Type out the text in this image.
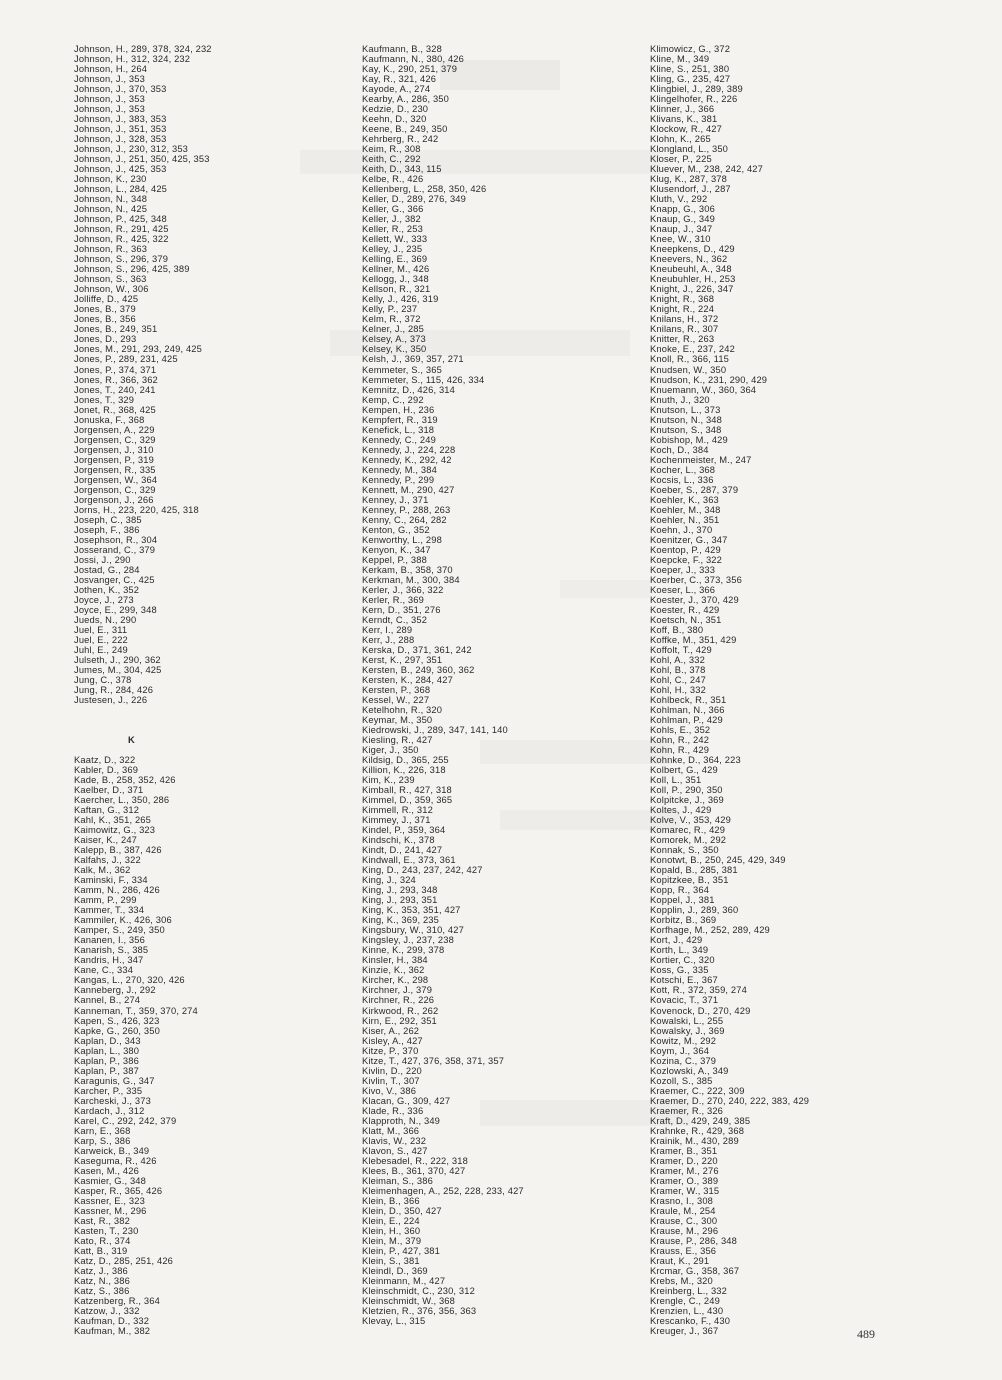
Johnson, H., 289, 378, 324, 232
Johnson, H., 312, 324, 232
Johnson, H., 264
Johnson, J., 353
Johnson, J., 370, 353
Johnson, J., 353
Johnson, J., 353
Johnson, J., 383, 353
Johnson, J., 351, 353
Johnson, J., 328, 353
Johnson, J., 230, 312, 353
Johnson, J., 251, 350, 425, 353
Johnson, J., 425, 353
Johnson, K., 230
Johnson, L., 284, 425
Johnson, N., 348
Johnson, N., 425
Johnson, P., 425, 348
Johnson, R., 291, 425
Johnson, R., 425, 322
Johnson, R., 363
Johnson, S., 296, 379
Johnson, S., 296, 425, 389
Johnson, S., 363
Johnson, W., 306
Jolliffe, D., 425
Jones, B., 379
Jones, B., 356
Jones, B., 249, 351
Jones, D., 293
Jones, M., 291, 293, 249, 425
Jones, P., 289, 231, 425
Jones, P., 374, 371
Jones, R., 366, 362
Jones, T., 240, 241
Jones, T., 329
Jonet, R., 368, 425
Jonuska, F., 368
Jorgensen, A., 229
Jorgensen, C., 329
Jorgensen, J., 310
Jorgensen, P., 319
Jorgensen, R., 335
Jorgensen, W., 364
Jorgenson, C., 329
Jorgenson, J., 266
Jorns, H., 223, 220, 425, 318
Joseph, C., 385
Joseph, F., 386
Josephson, R., 304
Josserand, C., 379
Jossi, J., 290
Jostad, G., 284
Josvanger, C., 425
Jothen, K., 352
Joyce, J., 273
Joyce, E., 299, 348
Jueds, N., 290
Juel, E., 311
Juel, E., 222
Juhl, E., 249
Julseth, J., 290, 362
Jumes, M., 304, 425
Jung, C., 378
Jung, R., 284, 426
Justesen, J., 226
K
Kaatz, D., 322
Kabler, D., 369
Kade, B., 258, 352, 426
Kaelber, D., 371
Kaercher, L., 350, 286
Kaftan, G., 312
Kahl, K., 351, 265
Kaimowitz, G., 323
Kaiser, K., 247
Kalepp, B., 387, 426
Kalfahs, J., 322
Kalk, M., 362
Kaminski, F., 334
Kamm, N., 286, 426
Kamm, P., 299
Kammer, T., 334
Kammiler, K., 426, 306
Kamper, S., 249, 350
Kananen, I., 356
Kanarish, S., 385
Kandris, H., 347
Kane, C., 334
Kangas, L., 270, 320, 426
Kanneberg, J., 292
Kannel, B., 274
Kanneman, T., 359, 370, 274
Kapen, S., 426, 323
Kapke, G., 260, 350
Kaplan, D., 343
Kaplan, L., 380
Kaplan, P., 386
Kaplan, P., 387
Karagunis, G., 347
Karcher, P., 335
Karcheski, J., 373
Kardach, J., 312
Karel, C., 292, 242, 379
Karn, E., 368
Karp, S., 386
Karweick, B., 349
Kaseguma, R., 426
Kasen, M., 426
Kasmier, G., 348
Kasper, R., 365, 426
Kassner, E., 323
Kassner, M., 296
Kast, R., 382
Kasten, T., 230
Kato, R., 374
Katt, B., 319
Katz, D., 285, 251, 426
Katz, J., 386
Katz, N., 386
Katz, S., 386
Katzenberg, R., 364
Katzow, J., 332
Kaufman, D., 332
Kaufman, M., 382
Kaufmann, B., 328
Kaufmann, N., 380, 426
Kay, K., 290, 251, 379
Kay, R., 321, 426
Kayode, A., 274
Kearby, A., 286, 350
Kedzie, D., 230
Keehn, D., 320
Keene, B., 249, 350
Kehrberg, R., 242
Keim, R., 308
Keith, C., 292
Keith, D., 343, 115
Kelbe, R., 426
Kellenberg, L., 258, 350, 426
Keller, D., 289, 276, 349
Keller, G., 366
Keller, J., 382
Keller, R., 253
Kellett, W., 333
Kelley, J., 235
Kelling, E., 369
Kellner, M., 426
Kellogg, J., 348
Kellson, R., 321
Kelly, J., 426, 319
Kelly, P., 237
Kelm, R., 372
Kelner, J., 285
Kelsey, A., 373
Kelsey, K., 350
Kelsh, J., 369, 357, 271
Kemmeter, S., 365
Kemmeter, S., 115, 426, 334
Kemnitz, D., 426, 314
Kemp, C., 292
Kempen, H., 236
Kempfert, R., 319
Kenefick, L., 318
Kennedy, C., 249
Kennedy, J., 224, 228
Kennedy, K., 292, 42
Kennedy, M., 384
Kennedy, P., 299
Kennett, M., 290, 427
Kenney, J., 371
Kenney, P., 288, 263
Kenny, C., 264, 282
Kenton, G., 352
Kenworthy, L., 298
Kenyon, K., 347
Keppel, P., 388
Kerkam, B., 358, 370
Kerkman, M., 300, 384
Kerler, J., 366, 322
Kerler, R., 369
Kern, D., 351, 276
Kerndt, C., 352
Kerr, I., 289
Kerr, J., 288
Kerska, D., 371, 361, 242
Kerst, K., 297, 351
Kersten, B., 249, 360, 362
Kersten, K., 284, 427
Kersten, P., 368
Kessel, W., 227
Ketelhohn, R., 320
Keymar, M., 350
Kiedrowski, J., 289, 347, 141, 140
Kiesling, R., 427
Kiger, J., 350
Kildsig, D., 365, 255
Killion, K., 226, 318
Kim, K., 239
Kimball, R., 427, 318
Kimmel, D., 359, 365
Kimmell, R., 312
Kimmey, J., 371
Kindel, P., 359, 364
Kindschi, K., 378
Kindt, D., 241, 427
Kindwall, E., 373, 361
King, D., 243, 237, 242, 427
King, J., 324
King, J., 293, 348
King, J., 293, 351
King, K., 353, 351, 427
King, K., 369, 235
Kingsbury, W., 310, 427
Kingsley, J., 237, 238
Kinne, K., 299, 378
Kinsler, H., 384
Kinzie, K., 362
Kircher, K., 298
Kirchner, J., 379
Kirchner, R., 226
Kirkwood, R., 262
Kirn, E., 292, 351
Kiser, A., 262
Kisley, A., 427
Kitze, P., 370
Kitze, T., 427, 376, 358, 371, 357
Kivlin, D., 220
Kivlin, T., 307
Kivo, V., 386
Klacan, G., 309, 427
Klade, R., 336
Klapproth, N., 349
Klatt, M., 366
Klavis, W., 232
Klavon, S., 427
Klebesadel, R., 222, 318
Klees, B., 361, 370, 427
Kleiman, S., 386
Kleimenhagen, A., 252, 228, 233, 427
Klein, B., 366
Klein, D., 350, 427
Klein, E., 224
Klein, H., 360
Klein, M., 379
Klein, P., 427, 381
Klein, S., 381
Kleindl, D., 369
Kleinmann, M., 427
Kleinschmidt, C., 230, 312
Kleinschmidt, W., 368
Kletzien, R., 376, 356, 363
Klevay, L., 315
Klimowicz, G., 372
Kline, M., 349
Kline, S., 251, 380
Kling, G., 235, 427
Klingbiel, J., 289, 389
Klingelhofer, R., 226
Klinner, J., 366
Klivans, K., 381
Klockow, R., 427
Klohn, K., 265
Klongland, L., 350
Kloser, P., 225
Kluever, M., 238, 242, 427
Klug, K., 287, 378
Klusendorf, J., 287
Kluth, V., 292
Knapp, G., 306
Knaup, G., 349
Knaup, J., 347
Knee, W., 310
Kneepkens, D., 429
Kneevers, N., 362
Kneubeuhl, A., 348
Kneubuhler, H., 253
Knight, J., 226, 347
Knight, R., 368
Knight, R., 224
Knilans, H., 372
Knilans, R., 307
Knitter, R., 263
Knoke, E., 237, 242
Knoll, R., 366, 115
Knudsen, W., 350
Knudson, K., 231, 290, 429
Knuemann, W., 360, 364
Knuth, J., 320
Knutson, L., 373
Knutson, N., 348
Knutson, S., 348
Kobishop, M., 429
Koch, D., 384
Kochenmeister, M., 247
Kocher, L., 368
Kocsis, L., 336
Koeber, S., 287, 379
Koehler, K., 363
Koehler, M., 348
Koehler, N., 351
Koehn, J., 370
Koenitzer, G., 347
Koentop, P., 429
Koepcke, F., 322
Koeper, J., 333
Koerber, C., 373, 356
Koeser, L., 366
Koester, J., 370, 429
Koester, R., 429
Koetsch, N., 351
Koff, B., 380
Koffke, M., 351, 429
Koffolt, T., 429
Kohl, A., 332
Kohl, B., 378
Kohl, C., 247
Kohl, H., 332
Kohlbeck, R., 351
Kohlman, N., 366
Kohlman, P., 429
Kohls, E., 352
Kohn, R., 242
Kohn, R., 429
Kohnke, D., 364, 223
Kolbert, G., 429
Koll, L., 351
Koll, P., 290, 350
Kolpitcke, J., 369
Koltes, J., 429
Kolve, V., 353, 429
Komarec, R., 429
Komorek, M., 292
Konnak, S., 350
Konotwt, B., 250, 245, 429, 349
Kopald, B., 285, 381
Kopitzkee, B., 351
Kopp, R., 364
Koppel, J., 381
Kopplin, J., 289, 360
Korbitz, B., 369
Korfhage, M., 252, 289, 429
Kort, J., 429
Korth, L., 349
Kortier, C., 320
Koss, G., 335
Kotschi, E., 367
Kott, R., 372, 359, 274
Kovacic, T., 371
Kovenock, D., 270, 429
Kowalski, L., 255
Kowalsky, J., 369
Kowitz, M., 292
Koym, J., 364
Kozina, C., 379
Kozlowski, A., 349
Kozoll, S., 385
Kraemer, C., 222, 309
Kraemer, D., 270, 240, 222, 383, 429
Kraemer, R., 326
Kraft, D., 429, 249, 385
Krahnke, R., 429, 368
Krainik, M., 430, 289
Kramer, B., 351
Kramer, D., 220
Kramer, M., 276
Kramer, O., 389
Kramer, W., 315
Krasno, I., 308
Kraule, M., 254
Krause, C., 300
Krause, M., 296
Krause, P., 286, 348
Krauss, E., 356
Kraut, K., 291
Krcmar, G., 358, 367
Krebs, M., 320
Kreinberg, L., 332
Krengle, C., 249
Krenzien, L., 430
Krescanko, F., 430
Kreuger, J., 367	489
